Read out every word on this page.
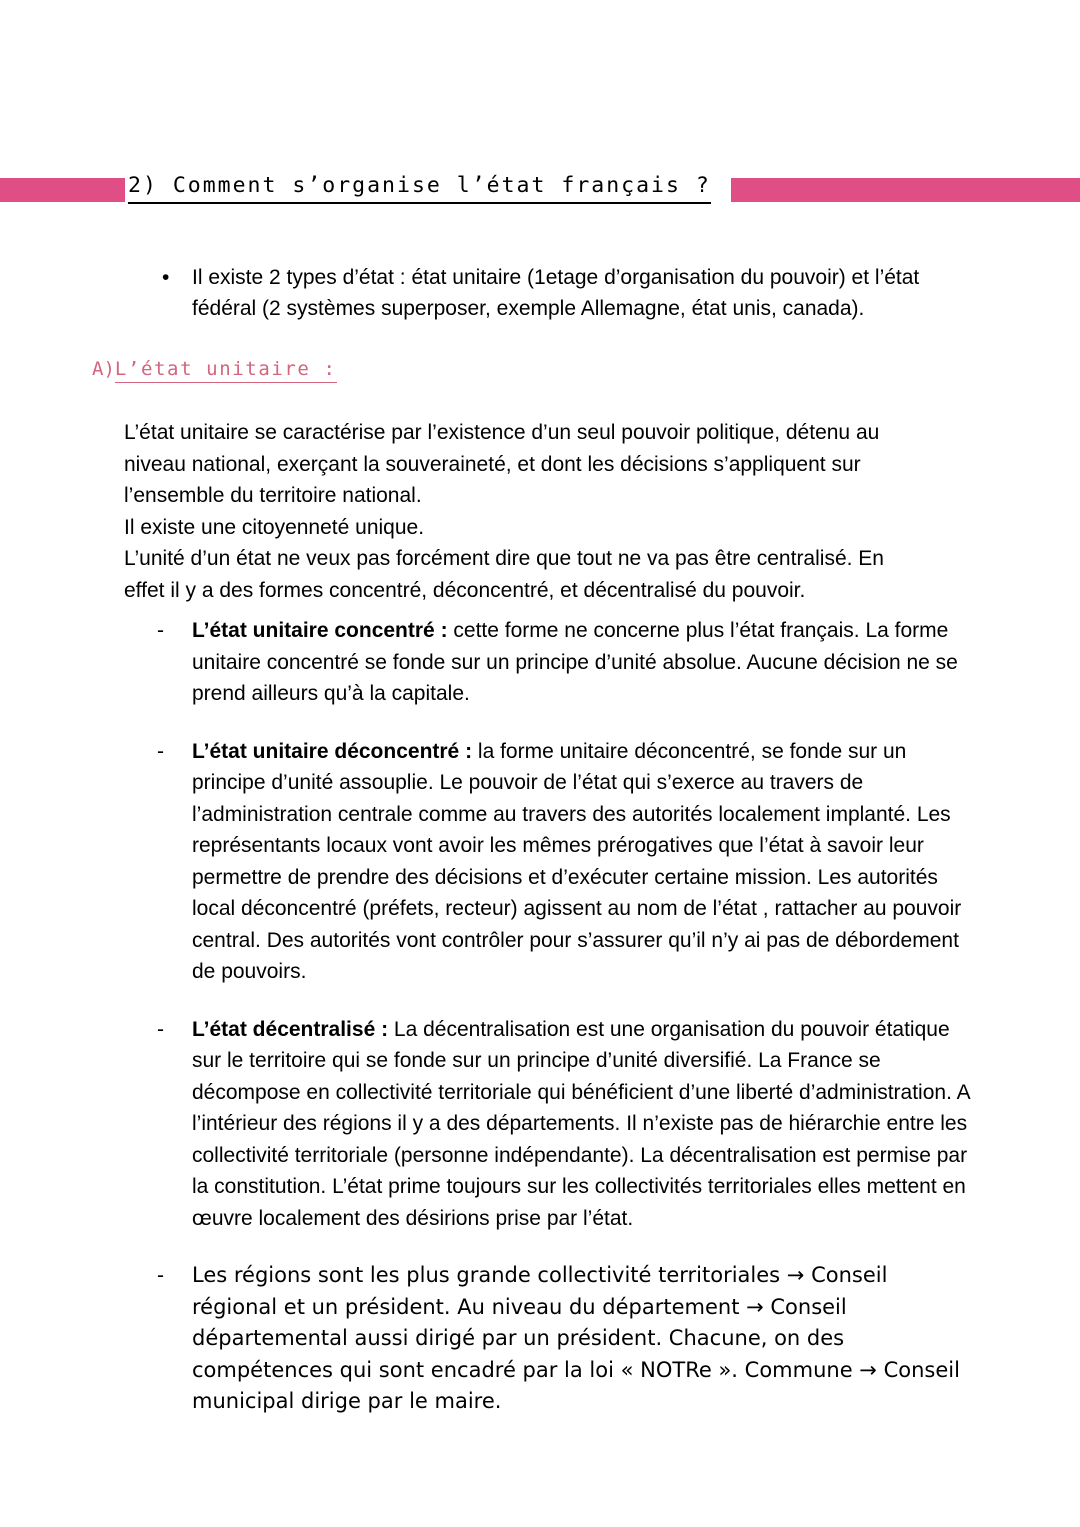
2) Comment s’organise l’état français ?
• Il existe 2 types d’état : état unitaire (1etage d’organisation du pouvoir) et l’état fédéral (2 systèmes superposer, exemple Allemagne, état unis, canada).
A)L’état unitaire :
L’état unitaire se caractérise par l’existence d’un seul pouvoir politique, détenu au
niveau national, exerçant la souveraineté, et dont les décisions s’appliquent sur
l’ensemble du territoire national.
Il existe une citoyenneté unique.
L’unité d’un état ne veux pas forcément dire que tout ne va pas être centralisé. En
effet il y a des formes concentré, déconcentré, et décentralisé du pouvoir.
- L’état unitaire concentré : cette forme ne concerne plus l’état français. La forme unitaire concentré se fonde sur un principe d’unité absolue. Aucune décision ne se prend ailleurs qu’à la capitale.
- L’état unitaire déconcentré : la forme unitaire déconcentré, se fonde sur un principe d’unité assouplie. Le pouvoir de l’état qui s’exerce au travers de l’administration centrale comme au travers des autorités localement implanté. Les représentants locaux vont avoir les mêmes prérogatives que l’état à savoir leur permettre de prendre des décisions et d’exécuter certaine mission. Les autorités local déconcentré (préfets, recteur) agissent au nom de l’état , rattacher au pouvoir central. Des autorités vont contrôler pour s’assurer qu’il n’y ai pas de débordement de pouvoirs.
- L’état décentralisé : La décentralisation est une organisation du pouvoir étatique sur le territoire qui se fonde sur un principe d’unité diversifié. La France se décompose en collectivité territoriale qui bénéficient d’une liberté d’administration. A l’intérieur des régions il y a des départements. Il n’existe pas de hiérarchie entre les collectivité territoriale (personne indépendante). La décentralisation est permise par la constitution. L’état prime toujours sur les collectivités territoriales elles mettent en œuvre localement des désirions prise par l’état.
- Les régions sont les plus grande collectivité territoriales → Conseil régional et un président. Au niveau du département → Conseil départemental aussi dirigé par un président. Chacune, on des compétences qui sont encadré par la loi « NOTRe ». Commune → Conseil municipal dirige par le maire.
